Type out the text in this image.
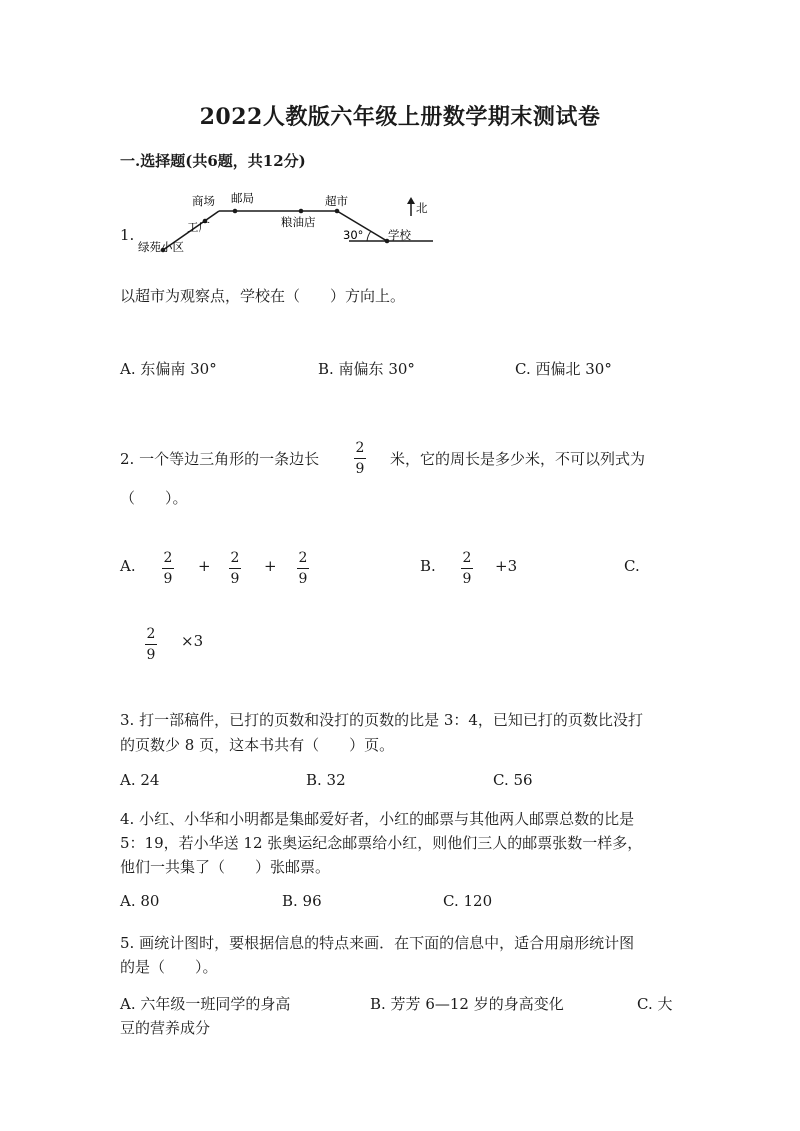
2022人教版六年级上册数学期末测试卷
一.选择题(共6题，共12分)
1.
商场 邮局	超市	北
工厂	粮油店
30° 学校
绿苑小区
以超市为观察点，学校在（　　）方向上。
A. 东偏南 30°	B. 南偏东 30°	C. 西偏北 30°
2. 一个等边三角形的一条边长
2
9
米，它的周长是多少米，不可以列式为
（　　）。
A. 2
9
+ 2
9
+ 2
9
B. 2
9
+3	C.
2
9
×3
3. 打一部稿件，已打的页数和没打的页数的比是 3：4，已知已打的页数比没打
的页数少 8 页，这本书共有（　　）页。
A. 24	B. 32	C. 56
4. 小红、小华和小明都是集邮爱好者，小红的邮票与其他两人邮票总数的比是
5：19，若小华送 12 张奥运纪念邮票给小红，则他们三人的邮票张数一样多，
他们一共集了（　　）张邮票。
A. 80	B. 96	C. 120
5. 画统计图时，要根据信息的特点来画．在下面的信息中，适合用扇形统计图
的是（　　）。
A. 六年级一班同学的身高	B. 芳芳 6—12 岁的身高变化	C. 大
豆的营养成分
